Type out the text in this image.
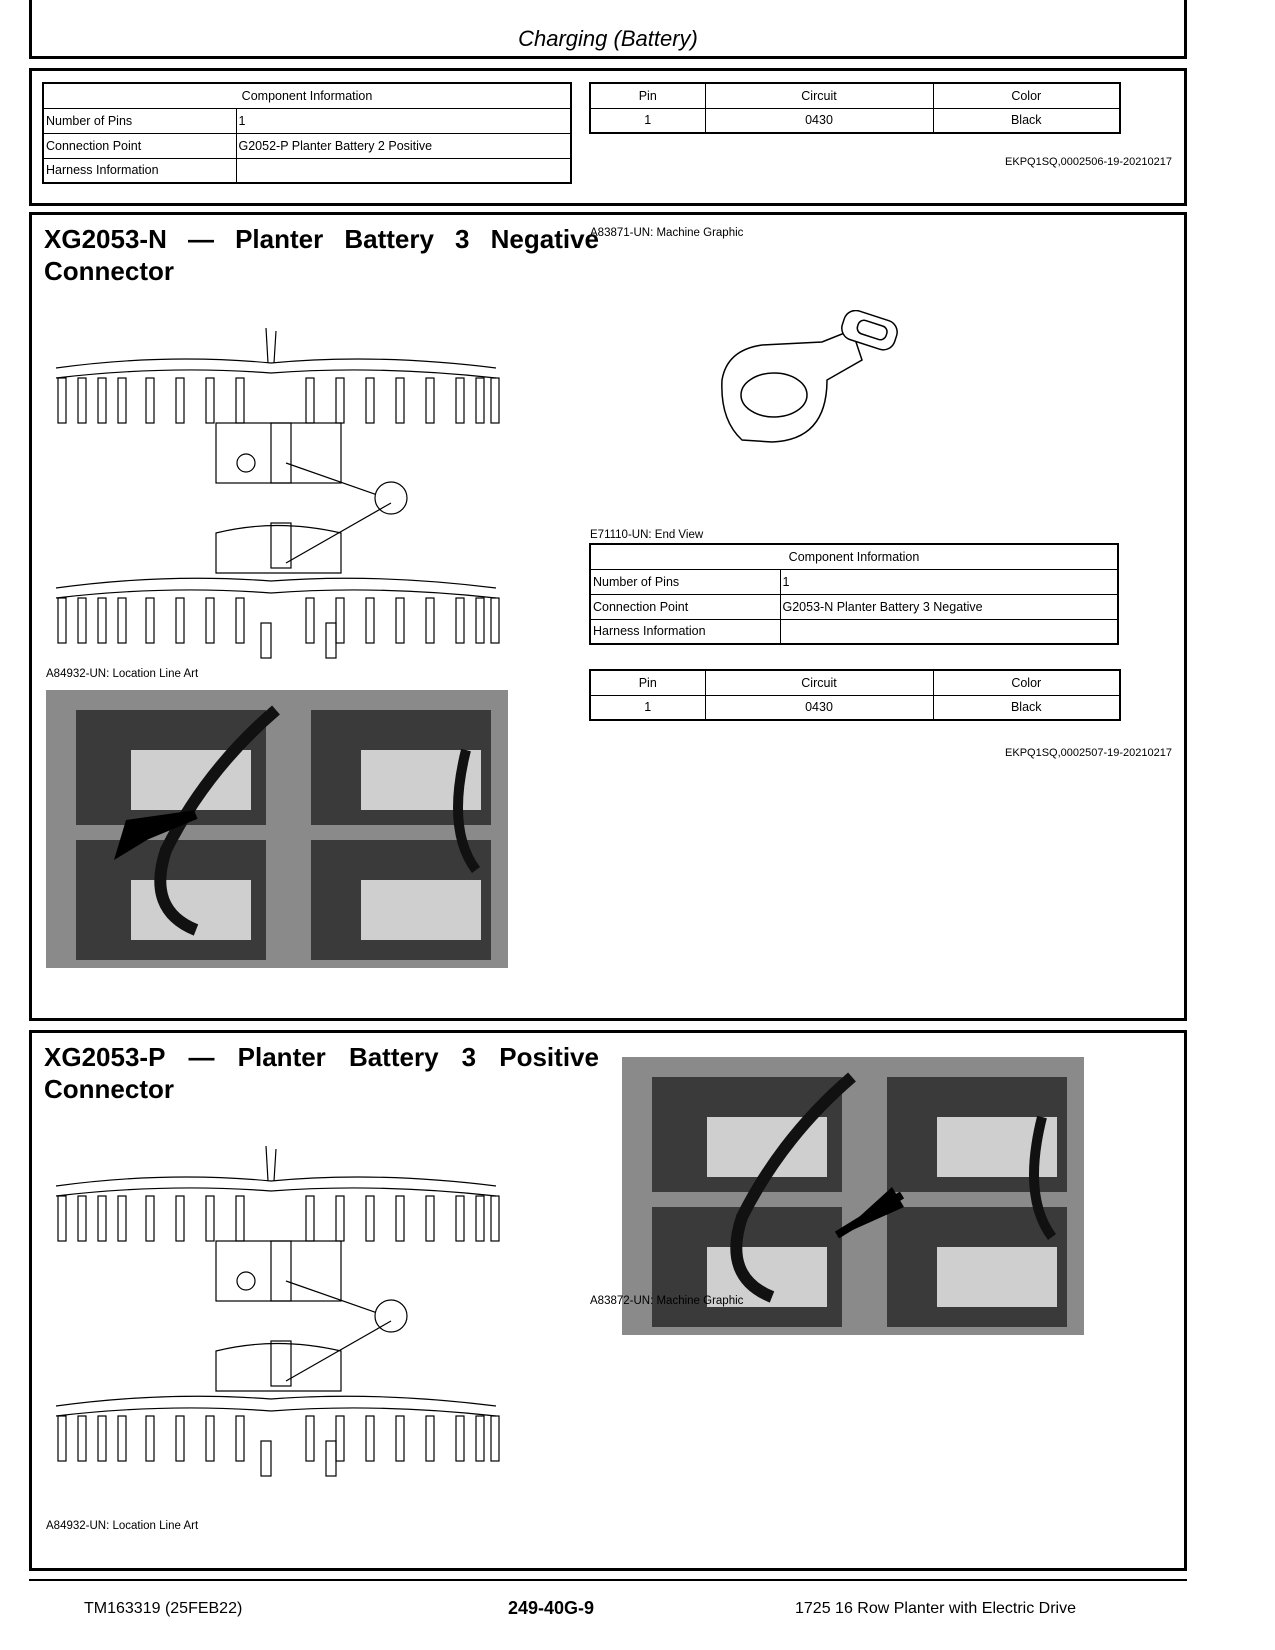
Charging (Battery)
Component Information	
Number of Pins	1
Connection Point	G2052-P Planter Battery 2 Positive
Harness Information	
Pin	Circuit	Color
1	0430	Black
EKPQ1SQ,0002506-19-20210217
XG2053-N — Planter Battery 3 Negative
Connector
A84932-UN: Location Line Art
A83871-UN: Machine Graphic
E71110-UN: End View
Component Information	
Number of Pins	1
Connection Point	G2053-N Planter Battery 3 Negative
Harness Information	
Pin	Circuit	Color
1	0430	Black
EKPQ1SQ,0002507-19-20210217
XG2053-P — Planter Battery 3 Positive
Connector
A84932-UN: Location Line Art
A83872-UN: Machine Graphic
TM163319 (25FEB22)	249-40G-9	1725 16 Row Planter with Electric Drive
